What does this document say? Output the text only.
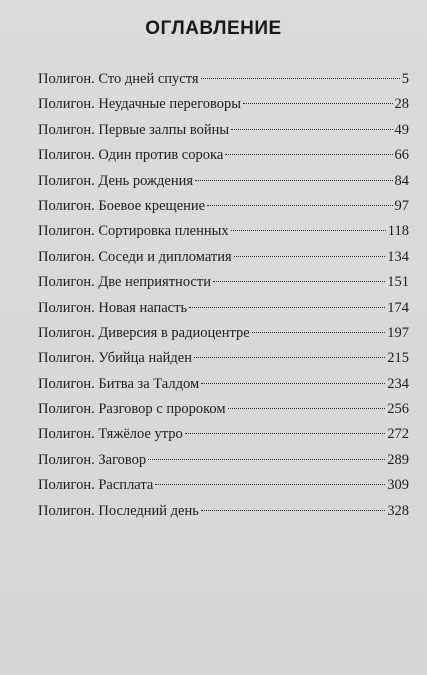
ОГЛАВЛЕНИЕ
Полигон. Сто дней спустя	5
Полигон. Неудачные переговоры	28
Полигон. Первые залпы войны	49
Полигон. Один против сорока	66
Полигон. День рождения	84
Полигон. Боевое крещение	97
Полигон. Сортировка пленных	118
Полигон. Соседи и дипломатия	134
Полигон. Две неприятности	151
Полигон. Новая напасть	174
Полигон. Диверсия в радиоцентре	197
Полигон. Убийца найден	215
Полигон. Битва за Талдом	234
Полигон. Разговор с пророком	256
Полигон. Тяжёлое утро	272
Полигон. Заговор	289
Полигон. Расплата	309
Полигон. Последний день	328
